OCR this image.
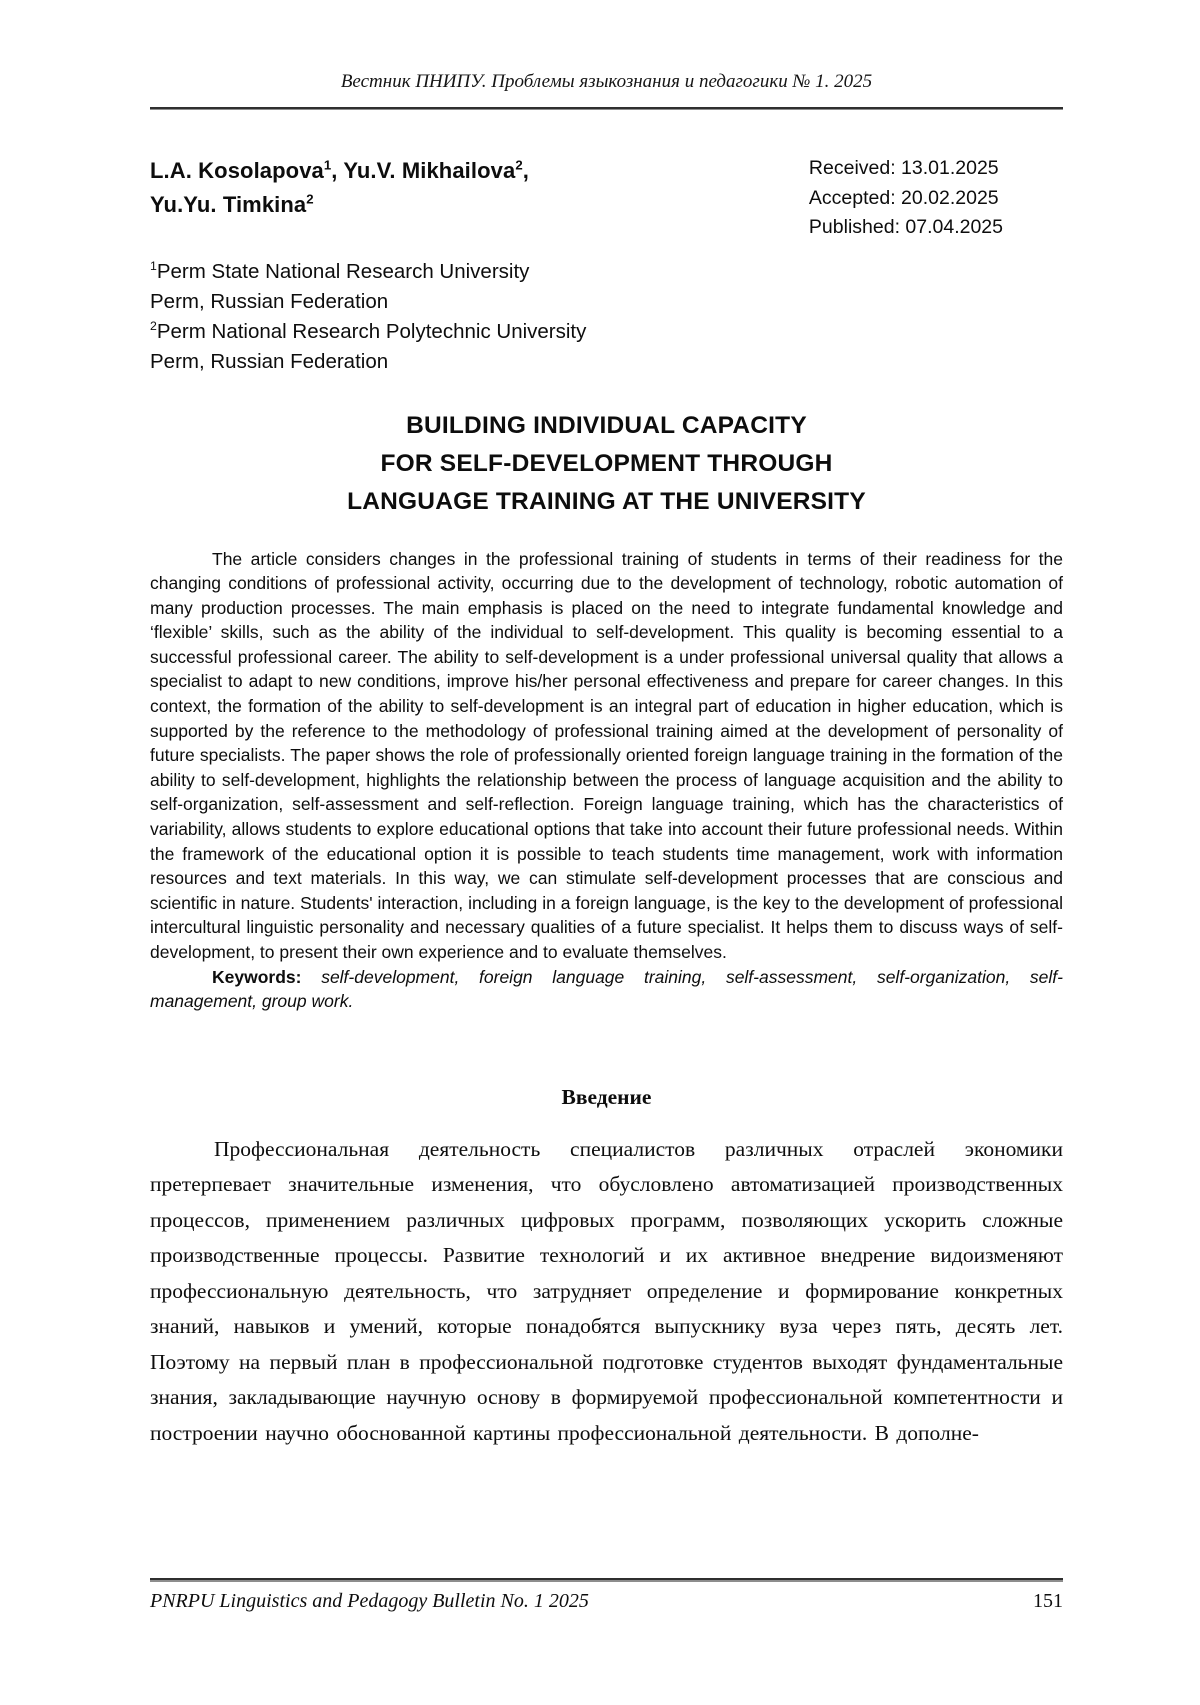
Вестник ПНИПУ. Проблемы языкознания и педагогики № 1. 2025
L.A. Kosolapova$^1$, Yu.V. Mikhailova$^2$,
Yu.Yu. Timkina$^2$
Received: 13.01.2025
Accepted: 20.02.2025
Published: 07.04.2025
$^1$Perm State National Research University
Perm, Russian Federation
$^2$Perm National Research Polytechnic University
Perm, Russian Federation
BUILDING INDIVIDUAL CAPACITY
FOR SELF-DEVELOPMENT THROUGH
LANGUAGE TRAINING AT THE UNIVERSITY

The article considers changes in the professional training of students in terms of their readiness for the changing conditions of professional activity, occurring due to the development of technology, robotic automation of many production processes. The main emphasis is placed on the need to integrate fundamental knowledge and ‘flexible’ skills, such as the ability of the individual to self-development. This quality is becoming essential to a successful professional career. The ability to self-development is a under professional universal quality that allows a specialist to adapt to new conditions, improve his/her personal effectiveness and prepare for career changes. In this context, the formation of the ability to self-development is an integral part of education in higher education, which is supported by the reference to the methodology of professional training aimed at the development of personality of future specialists. The paper shows the role of professionally oriented foreign language training in the formation of the ability to self-development, highlights the relationship between the process of language acquisition and the ability to self-organization, self-assessment and self-reflection. Foreign language training, which has the characteristics of variability, allows students to explore educational options that take into account their future professional needs. Within the framework of the educational option it is possible to teach students time management, work with information resources and text materials. In this way, we can stimulate self-development processes that are conscious and scientific in nature. Students' interaction, including in a foreign language, is the key to the development of professional intercultural linguistic personality and necessary qualities of a future specialist. It helps them to discuss ways of self-development, to present their own experience and to evaluate themselves.

Keywords: self-development, foreign language training, self-assessment, self-organization, self-management, group work.

Введение

Профессиональная деятельность специалистов различных отраслей экономики претерпевает значительные изменения, что обусловлено автоматизацией производственных процессов, применением различных цифровых программ, позволяющих ускорить сложные производственные процессы. Развитие технологий и их активное внедрение видоизменяют профессиональную деятельность, что затрудняет определение и формирование конкретных знаний, навыков и умений, которые понадобятся выпускнику вуза через пять, десять лет. Поэтому на первый план в профессиональной подготовке студентов выходят фундаментальные знания, закладывающие научную основу в формируемой профессиональной компетентности и построении научно обоснованной картины профессиональной деятельности. В дополне-

PNRPU Linguistics and Pedagogy Bulletin No. 1 2025	151
